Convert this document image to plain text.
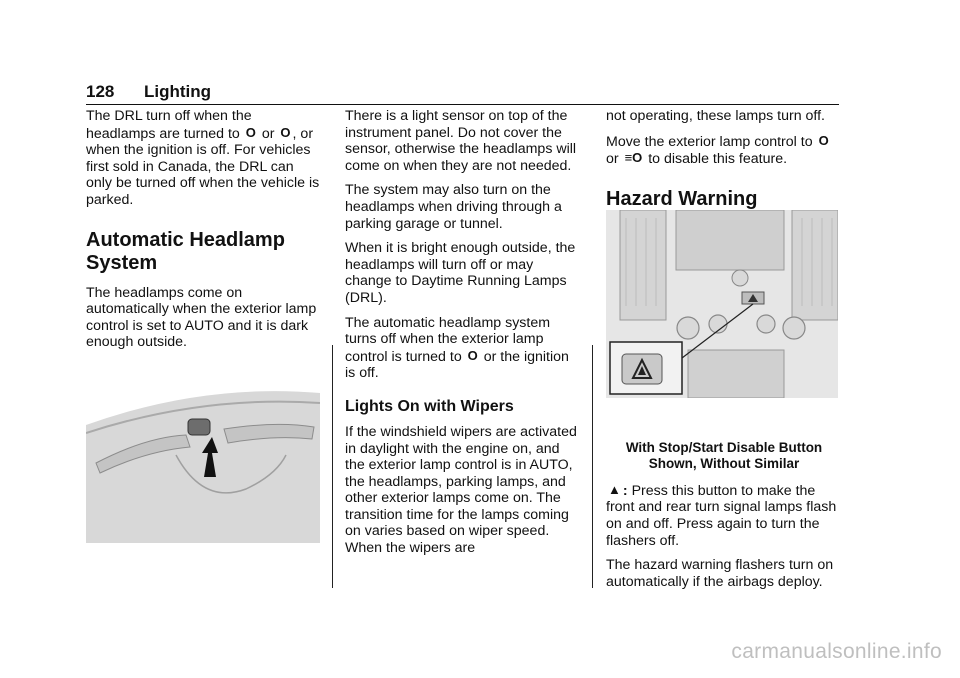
128 Lighting

The DRL turn off when the headlamps are turned to O or O , or when the ignition is off. For vehicles first sold in Canada, the DRL can only be turned off when the vehicle is parked.

Automatic Headlamp System

The headlamps come on automatically when the exterior lamp control is set to AUTO and it is dark enough outside.

There is a light sensor on top of the instrument panel. Do not cover the sensor, otherwise the headlamps will come on when they are not needed.

The system may also turn on the headlamps when driving through a parking garage or tunnel.

When it is bright enough outside, the headlamps will turn off or may change to Daytime Running Lamps (DRL).

The automatic headlamp system turns off when the exterior lamp control is turned to O or the ignition is off.

Lights On with Wipers

If the windshield wipers are activated in daylight with the engine on, and the exterior lamp control is in AUTO, the headlamps, parking lamps, and other exterior lamps come on. The transition time for the lamps coming on varies based on wiper speed. When the wipers are

not operating, these lamps turn off.

Move the exterior lamp control to O or ≡O to disable this feature.

Hazard Warning
With Stop/Start Disable Button
Shown, Without Similar

▲ : Press this button to make the front and rear turn signal lamps flash on and off. Press again to turn the flashers off.

The hazard warning flashers turn on automatically if the airbags deploy.

carmanualsonline.info
